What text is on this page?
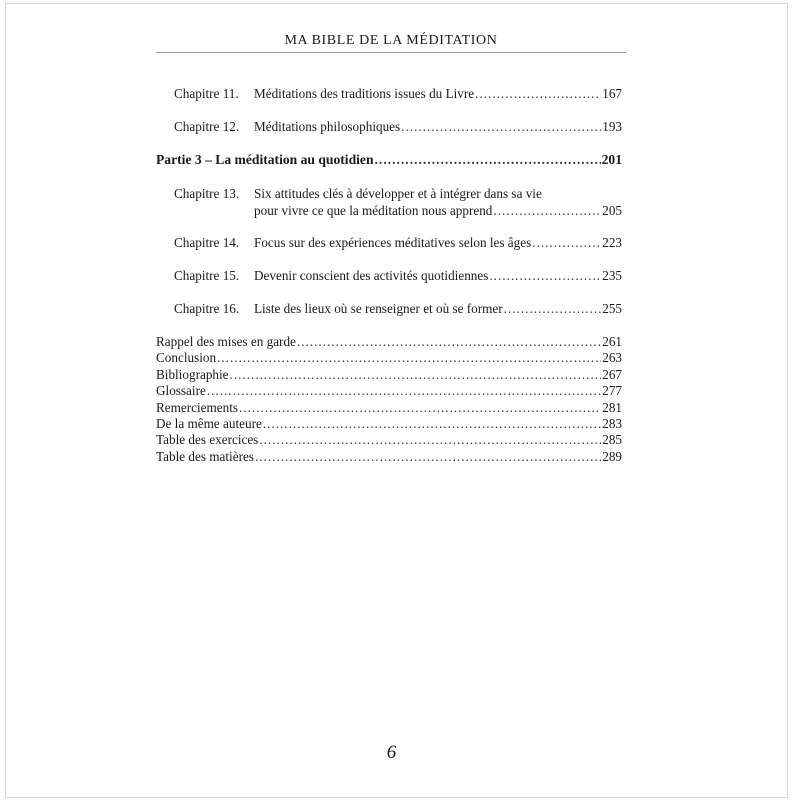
MA BIBLE DE LA MÉDITATION
Chapitre 11.	Méditations des traditions issues du Livre .....	167
Chapitre 12.	Méditations philosophiques .....	193
Partie 3 – La méditation au quotidien .....	201
Chapitre 13. Six attitudes clés à développer et à intégrer dans sa vie
pour vivre ce que la méditation nous apprend .....	205
Chapitre 14.	Focus sur des expériences méditatives selon les âges .....	223
Chapitre 15.	Devenir conscient des activités quotidiennes .....	235
Chapitre 16.	Liste des lieux où se renseigner et où se former .....	255
Rappel des mises en garde .....	261
Conclusion .....	263
Bibliographie .....	267
Glossaire .....	277
Remerciements .....	281
De la même auteure .....	283
Table des exercices .....	285
Table des matières .....	289
6
